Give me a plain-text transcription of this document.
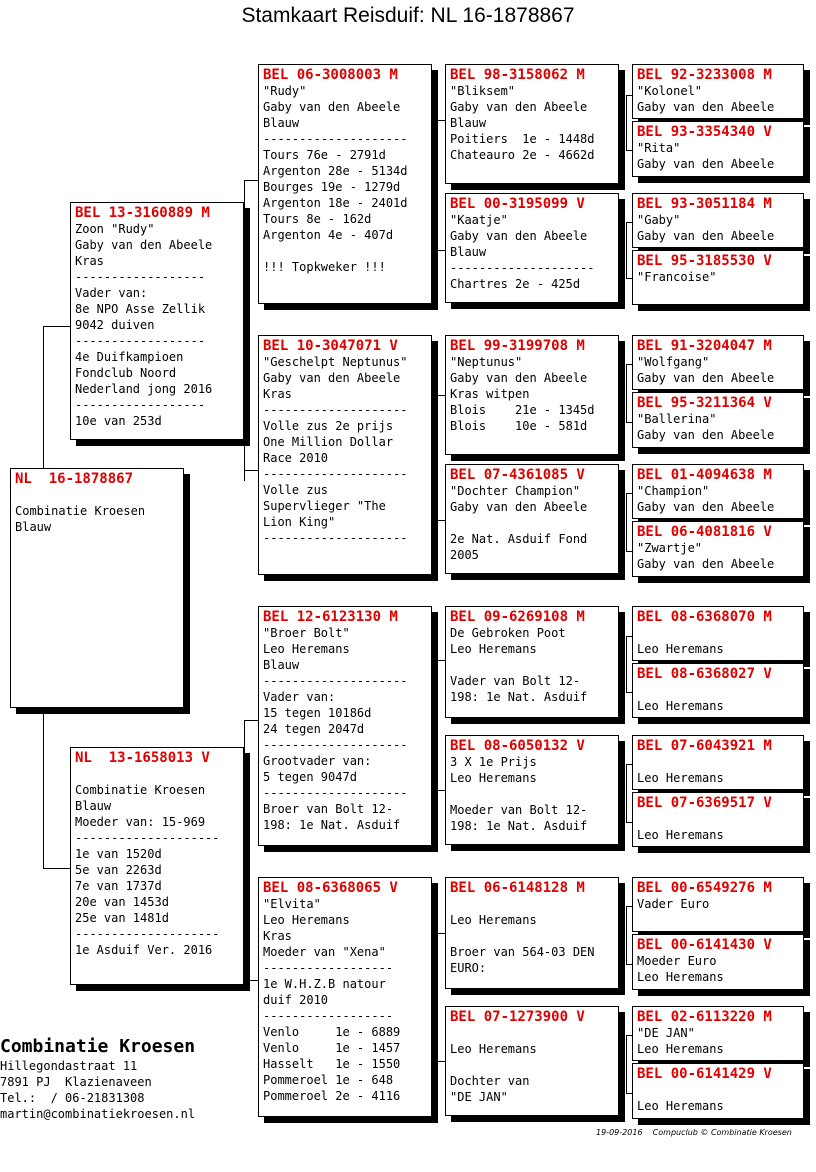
Stamkaart Reisduif: NL 16-1878867
NL  16-1878867
Combinatie Kroesen
Blauw
BEL 13-3160889 M
Zoon "Rudy"
Gaby van den Abeele
Kras
------------------
Vader van:
8e NPO Asse Zellik
9042 duiven
------------------
4e Duifkampioen
Fondclub Noord
Nederland jong 2016
------------------
10e van 253d
NL  13-1658013 V
Combinatie Kroesen
Blauw
Moeder van: 15-969
--------------------
1e van 1520d
5e van 2263d
7e van 1737d
20e van 1453d
25e van 1481d
--------------------
1e Asduif Ver. 2016
BEL 06-3008003 M
"Rudy"
Gaby van den Abeele
Blauw
--------------------
Tours 76e - 2791d
Argenton 28e - 5134d
Bourges 19e - 1279d
Argenton 18e - 2401d
Tours 8e - 162d
Argenton 4e - 407d
!!! Topkweker !!!
BEL 10-3047071 V
"Geschelpt Neptunus"
Gaby van den Abeele
Kras
--------------------
Volle zus 2e prijs
One Million Dollar
Race 2010
--------------------
Volle zus
Supervlieger "The
Lion King"
--------------------
BEL 12-6123130 M
"Broer Bolt"
Leo Heremans
Blauw
--------------------
Vader van:
15 tegen 10186d
24 tegen 2047d
--------------------
Grootvader van:
5 tegen 9047d
--------------------
Broer van Bolt 12-
198: 1e Nat. Asduif
BEL 08-6368065 V
"Elvita"
Leo Heremans
Kras
Moeder van "Xena"
------------------
1e W.H.Z.B natour
duif 2010
------------------
Venlo     1e - 6889
Venlo     1e - 1457
Hasselt   1e - 1550
Pommeroel 1e - 648
Pommeroel 2e - 4116
BEL 98-3158062 M
"Bliksem"
Gaby van den Abeele
Blauw
Poitiers  1e - 1448d
Chateauro 2e - 4662d
BEL 00-3195099 V
"Kaatje"
Gaby van den Abeele
Blauw
--------------------
Chartres 2e - 425d
BEL 99-3199708 M
"Neptunus"
Gaby van den Abeele
Kras witpen
Blois    21e - 1345d
Blois    10e - 581d
BEL 07-4361085 V
"Dochter Champion"
Gaby van den Abeele
2e Nat. Asduif Fond
2005
BEL 09-6269108 M
De Gebroken Poot
Leo Heremans
Vader van Bolt 12-
198: 1e Nat. Asduif
BEL 08-6050132 V
3 X 1e Prijs
Leo Heremans
Moeder van Bolt 12-
198: 1e Nat. Asduif
BEL 06-6148128 M
Leo Heremans
Broer van 564-03 DEN
EURO:
BEL 07-1273900 V
Leo Heremans
Dochter van
"DE JAN"
BEL 92-3233008 M
"Kolonel"
Gaby van den Abeele
BEL 93-3354340 V
"Rita"
Gaby van den Abeele
BEL 93-3051184 M
"Gaby"
Gaby van den Abeele
BEL 95-3185530 V
"Francoise"
BEL 91-3204047 M
"Wolfgang"
Gaby van den Abeele
BEL 95-3211364 V
"Ballerina"
Gaby van den Abeele
BEL 01-4094638 M
"Champion"
Gaby van den Abeele
BEL 06-4081816 V
"Zwartje"
Gaby van den Abeele
BEL 08-6368070 M
Leo Heremans
BEL 08-6368027 V
Leo Heremans
BEL 07-6043921 M
Leo Heremans
BEL 07-6369517 V
Leo Heremans
BEL 00-6549276 M
Vader Euro
BEL 00-6141430 V
Moeder Euro
Leo Heremans
BEL 02-6113220 M
"DE JAN"
Leo Heremans
BEL 00-6141429 V
Leo Heremans
Combinatie Kroesen
Hillegondastraat 11
7891 PJ  Klazienaveen
Tel.:  / 06-21831308
martin@combinatiekroesen.nl
19-09-2016    Compuclub © Combinatie Kroesen
